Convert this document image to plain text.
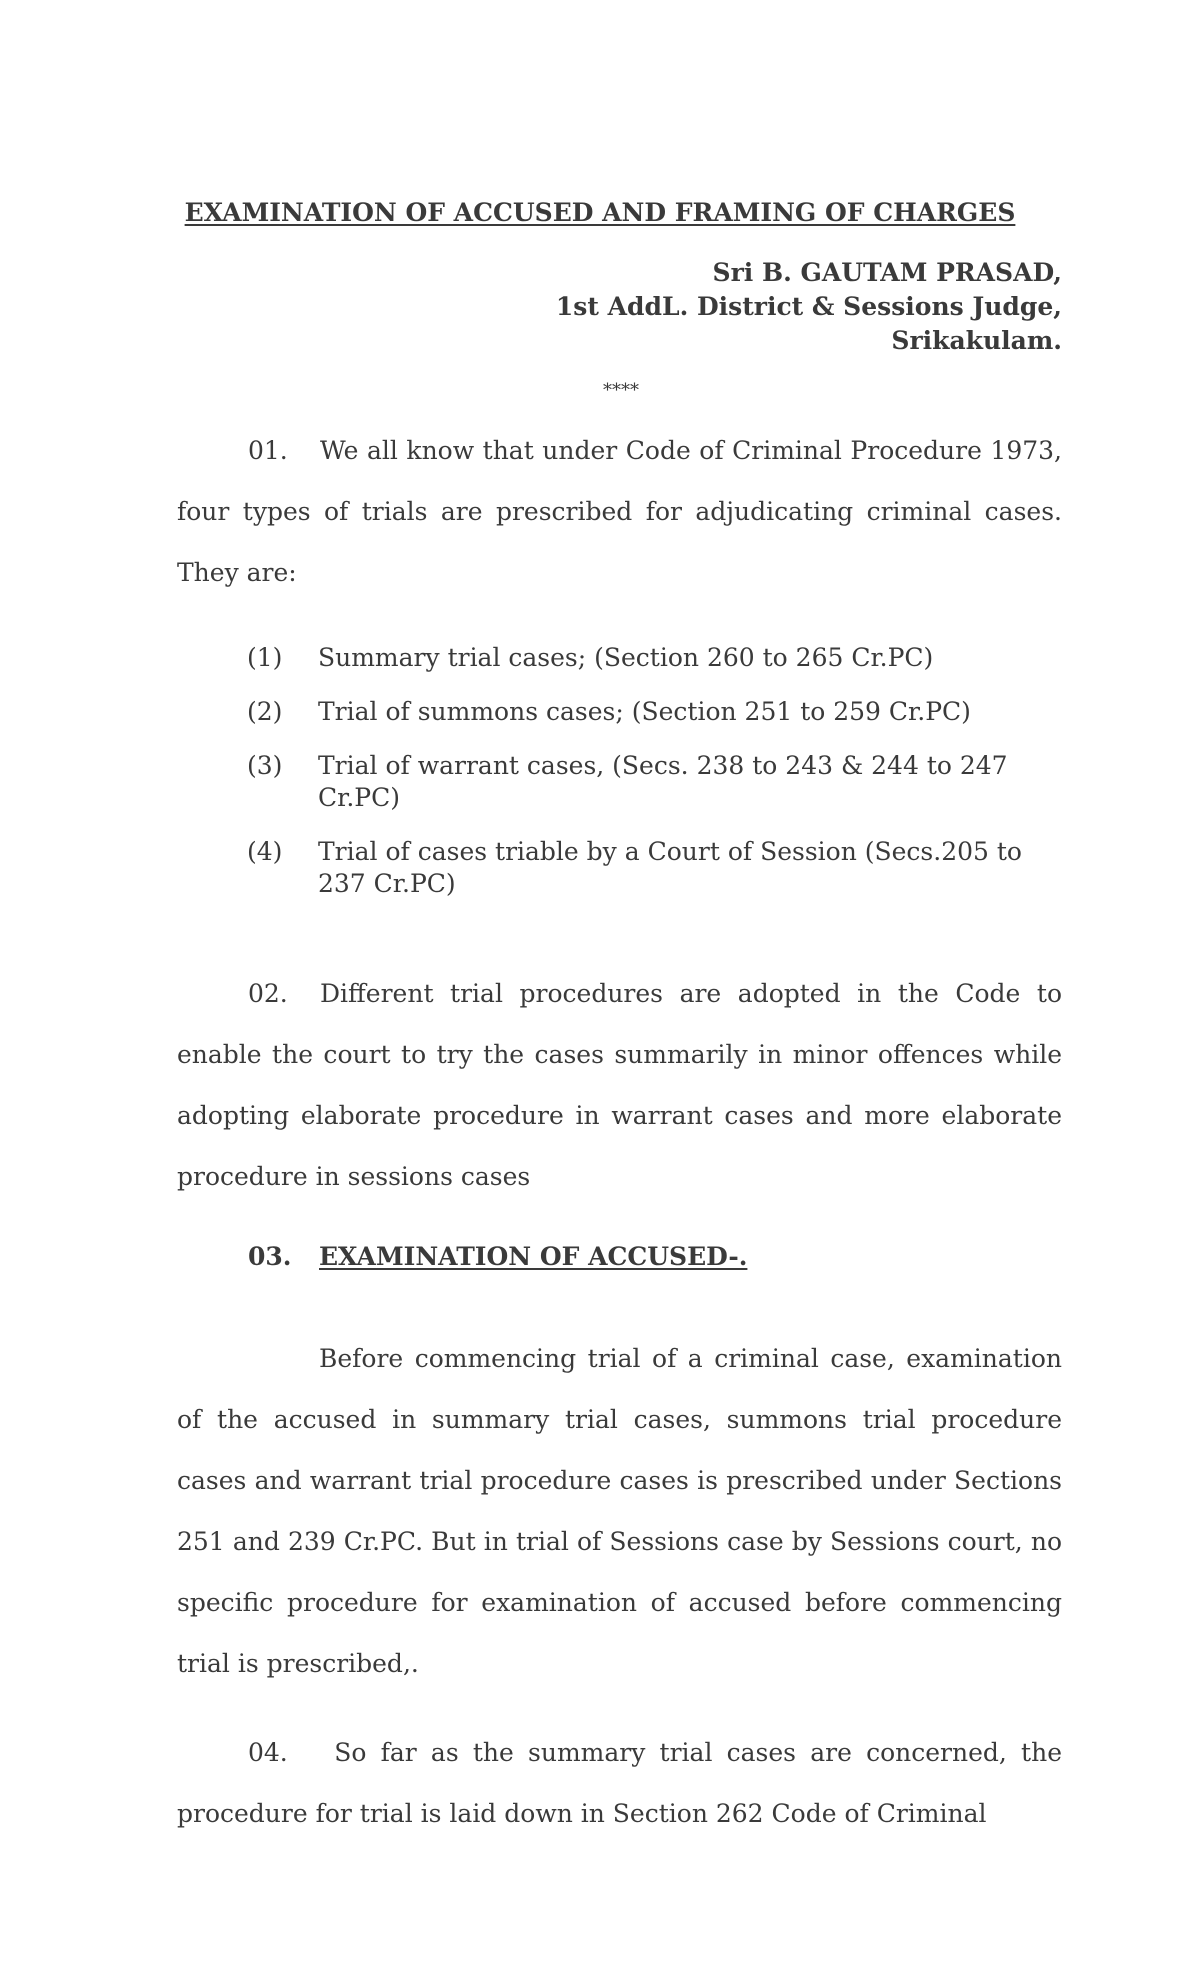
EXAMINATION OF ACCUSED AND FRAMING OF CHARGES
Sri B. GAUTAM PRASAD,
1st AddL. District & Sessions Judge,
Srikakulam.
****
01. We all know that under Code of Criminal Procedure 1973, four types of trials are prescribed for adjudicating criminal cases. They are:
(1) Summary trial cases; (Section 260 to 265 Cr.PC)
(2) Trial of summons cases; (Section 251 to 259 Cr.PC)
(3) Trial of warrant cases, (Secs. 238 to 243 & 244 to 247 Cr.PC)
(4) Trial of cases triable by a Court of Session (Secs.205 to 237 Cr.PC)
02. Different trial procedures are adopted in the Code to enable the court to try the cases summarily in minor offences while adopting elaborate procedure in warrant cases and more elaborate procedure in sessions cases
03. EXAMINATION OF ACCUSED-.
Before commencing trial of a criminal case, examination of the accused in summary trial cases, summons trial procedure cases and warrant trial procedure cases is prescribed under Sections 251 and 239 Cr.PC. But in trial of Sessions case by Sessions court, no specific procedure for examination of accused before commencing trial is prescribed,.
04. So far as the summary trial cases are concerned, the procedure for trial is laid down in Section 262 Code of Criminal
